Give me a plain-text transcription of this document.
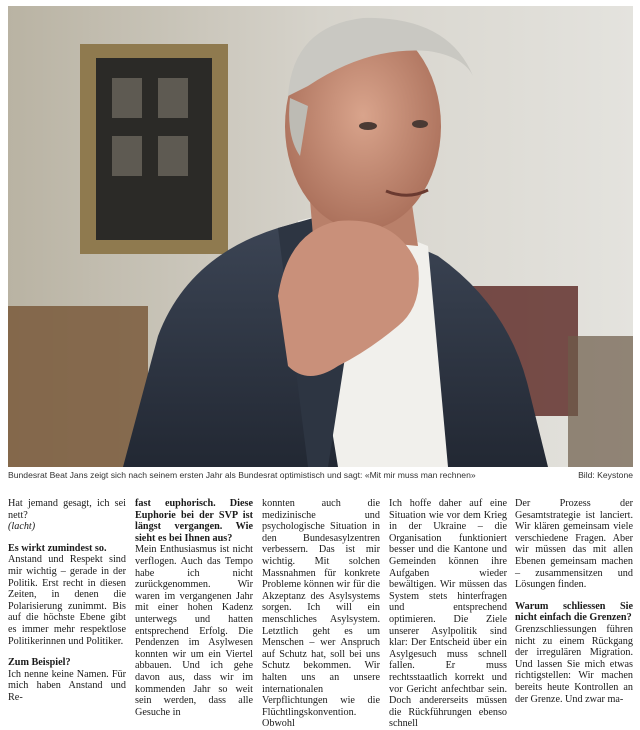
Bundesrat Beat Jans zeigt sich nach seinem ersten Jahr als Bundesrat optimistisch und sagt: «Mit mir muss man rechnen»	Bild: Keystone

Hat jemand gesagt, ich sei nett?

(lacht)

Es wirkt zumindest so.

Anstand und Respekt sind mir wichtig – gerade in der Politik. Erst recht in diesen Zeiten, in denen die Polarisierung zunimmt. Bis auf die höchste Ebene gibt es immer mehr respektlose Politikerinnen und Politiker.

Zum Beispiel?

Ich nenne keine Namen. Für mich haben Anstand und Re-

fast euphorisch. Diese Euphorie bei der SVP ist längst vergangen. Wie sieht es bei Ihnen aus?

Mein Enthusiasmus ist nicht verflogen. Auch das Tempo habe ich nicht zurückgenommen. Wir waren im vergangenen Jahr mit einer hohen Kadenz unterwegs und hatten entsprechend Erfolg. Die Pendenzen im Asylwesen konnten wir um ein Viertel abbauen. Und ich gehe davon aus, dass wir im kommenden Jahr so weit sein werden, dass alle Gesuche in

konnten auch die medizinische und psychologische Situation in den Bundesasylzentren verbessern. Das ist mir wichtig. Mit solchen Massnahmen für konkrete Probleme können wir für die Akzeptanz des Asylsystems sorgen. Ich will ein menschliches Asylsystem. Letztlich geht es um Menschen – wer Anspruch auf Schutz hat, soll bei uns Schutz bekommen. Wir halten uns an unsere internationalen Verpflichtungen wie die Flüchtlingskonvention. Obwohl

Ich hoffe daher auf eine Situation wie vor dem Krieg in der Ukraine – die Organisation funktioniert besser und die Kantone und Gemeinden können ihre Aufgaben wieder bewältigen. Wir müssen das System stets hinterfragen und entsprechend optimieren. Die Ziele unserer Asylpolitik sind klar: Der Entscheid über ein Asylgesuch muss schnell fallen. Er muss rechtsstaatlich korrekt und vor Gericht anfechtbar sein. Doch andererseits müssen die Rückführungen ebenso schnell

Der Prozess der Gesamtstrategie ist lanciert. Wir klären gemeinsam viele verschiedene Fragen. Aber wir müssen das mit allen Ebenen gemeinsam machen – zusammensitzen und Lösungen finden.

Warum schliessen Sie nicht einfach die Grenzen?

Grenzschliessungen führen nicht zu einem Rückgang der irregulären Migration. Und lassen Sie mich etwas richtigstellen: Wir machen bereits heute Kontrollen an der Grenze. Und zwar ma-
